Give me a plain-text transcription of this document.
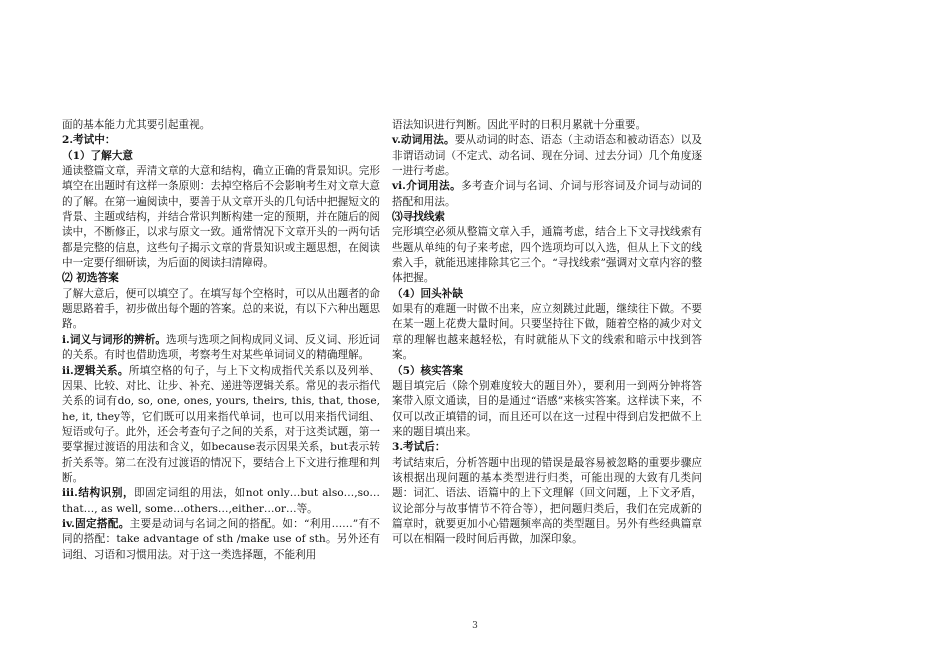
面的基本能力尤其要引起重视。

2.考试中：

（1）了解大意

通读整篇文章，弄清文章的大意和结构，确立正确的背景知识。完形填空在出题时有这样一条原则：去掉空格后不会影响考生对文章大意的了解。在第一遍阅读中，要善于从文章开头的几句话中把握短文的背景、主题或结构，并结合常识判断构建一定的预期，并在随后的阅读中，不断修正，以求与原文一致。通常情况下文章开头的一两句话都是完整的信息，这些句子揭示文章的背景知识或主题思想，在阅读中一定要仔细研读，为后面的阅读扫清障碍。

⑵ 初选答案

了解大意后，便可以填空了。在填写每个空格时，可以从出题者的命题思路着手，初步做出每个题的答案。总的来说，有以下六种出题思路。

i.词义与词形的辨析。选项与选项之间构成同义词、反义词、形近词的关系。有时也借助选项，考察考生对某些单词词义的精确理解。

ii.逻辑关系。所填空格的句子，与上下文构成指代关系以及列举、因果、比较、对比、让步、补充、递进等逻辑关系。常见的表示指代关系的词有do, so, one, ones, yours, theirs, this, that, those, he, it, they等，它们既可以用来指代单词，也可以用来指代词组、短语或句子。此外，还会考查句子之间的关系，对于这类试题，第一要掌握过渡语的用法和含义，如because表示因果关系，but表示转折关系等。第二在没有过渡语的情况下，要结合上下文进行推理和判断。

iii.结构识别，即固定词组的用法，如not only…but also…,so…that…, as well, some…others…,either…or…等。

iv.固定搭配。主要是动词与名词之间的搭配。如：“利用……”有不同的搭配：take advantage of sth /make use of sth。另外还有词组、习语和习惯用法。对于这一类选择题，不能利用

语法知识进行判断。因此平时的日积月累就十分重要。

v.动词用法。要从动词的时态、语态（主动语态和被动语态）以及非谓语动词（不定式、动名词、现在分词、过去分词）几个角度逐一进行考虑。

vi.介词用法。多考查介词与名词、介词与形容词及介词与动词的搭配和用法。

⑶寻找线索

完形填空必须从整篇文章入手，通篇考虑，结合上下文寻找线索有些题从单纯的句子来考虑，四个选项均可以入选，但从上下文的线索入手，就能迅速排除其它三个。“寻找线索”强调对文章内容的整体把握。

（4）回头补缺

如果有的难题一时做不出来，应立刻跳过此题，继续往下做。不要在某一题上花费大量时间。只要坚持往下做，随着空格的减少对文章的理解也越来越轻松，有时就能从下文的线索和暗示中找到答案。

（5）核实答案

题目填完后（除个别难度较大的题目外），要利用一到两分钟将答案带入原文通读，目的是通过“语感”来核实答案。这样读下来，不仅可以改正填错的词，而且还可以在这一过程中得到启发把做不上来的题目填出来。

3.考试后：

考试结束后，分析答题中出现的错误是最容易被忽略的重要步骤应该根据出现问题的基本类型进行归类，可能出现的大致有几类问题：词汇、语法、语篇中的上下文理解（回文问题，上下文矛盾，议论部分与故事情节不符合等），把问题归类后，我们在完成新的篇章时，就要更加小心错题频率高的类型题目。另外有些经典篇章可以在相隔一段时间后再做，加深印象。

3
